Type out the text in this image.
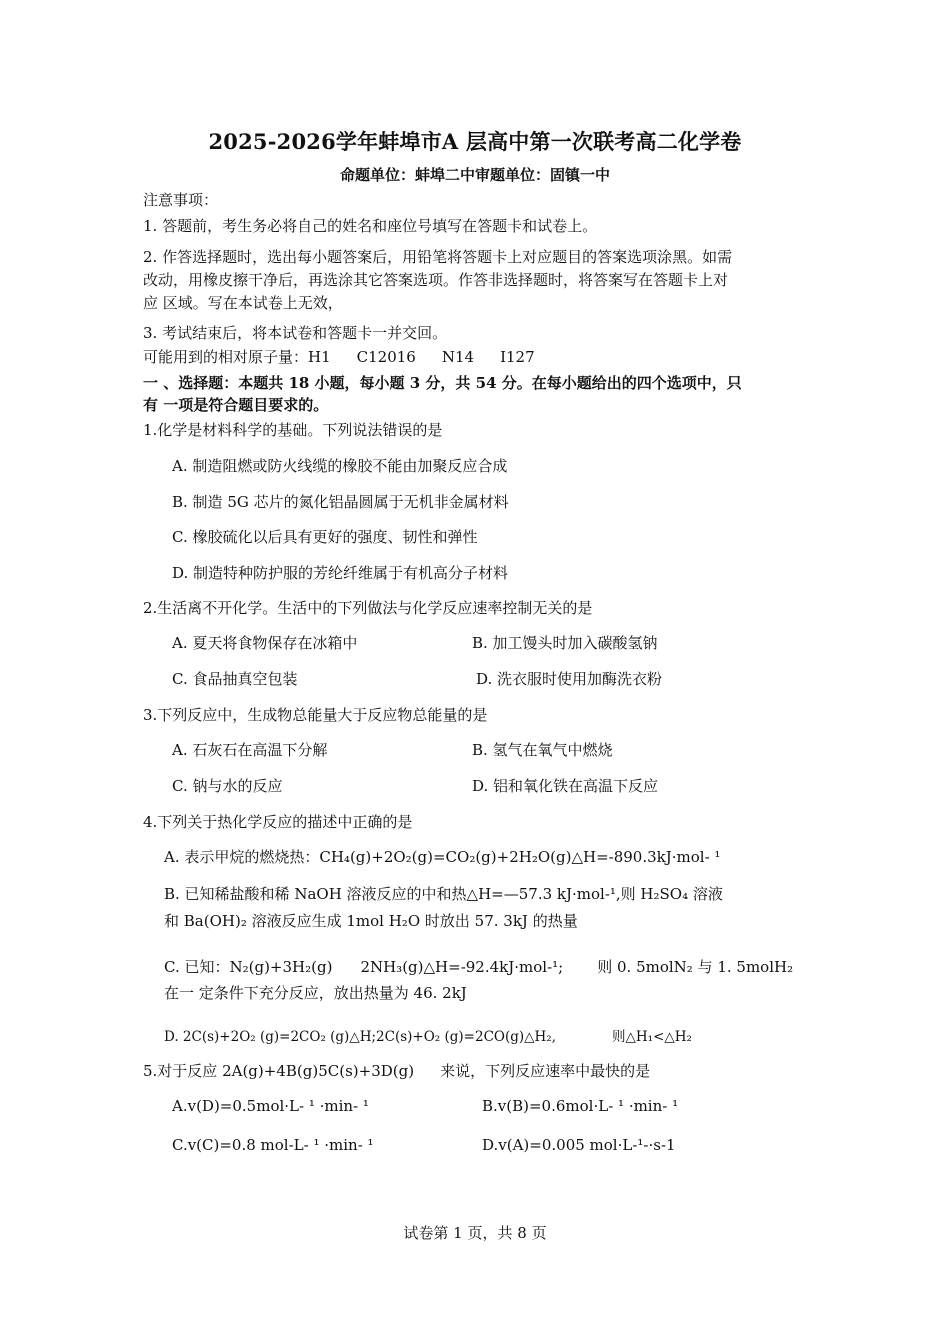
2025-2026学年蚌埠市A 层高中第一次联考高二化学卷
命题单位：蚌埠二中审题单位：固镇一中
注意事项：
1. 答题前，考生务必将自己的姓名和座位号填写在答题卡和试卷上。
2. 作答选择题时，选出每小题答案后，用铅笔将答题卡上对应题目的答案选项涂黑。如需
改动，用橡皮擦干净后，再选涂其它答案选项。作答非选择题时，将答案写在答题卡上对
应 区域。写在本试卷上无效，
3. 考试结束后，将本试卷和答题卡一并交回。
可能用到的相对原子量：H1 C12016 N14 I127
一 、选择题：本题共 18 小题，每小题 3 分，共 54 分。在每小题给出的四个选项中，只
有 一项是符合题目要求的。
1.化学是材料科学的基础。下列说法错误的是
A. 制造阻燃或防火线缆的橡胶不能由加聚反应合成
B. 制造 5G 芯片的氮化铝晶圆属于无机非金属材料
C. 橡胶硫化以后具有更好的强度、韧性和弹性
D. 制造特种防护服的芳纶纤维属于有机高分子材料
2.生活离不开化学。生活中的下列做法与化学反应速率控制无关的是
A. 夏天将食物保存在冰箱中	B. 加工馒头时加入碳酸氢钠
C. 食品抽真空包装	D. 洗衣服时使用加酶洗衣粉
3.下列反应中，生成物总能量大于反应物总能量的是
A. 石灰石在高温下分解	B. 氢气在氧气中燃烧
C. 钠与水的反应	D. 铝和氧化铁在高温下反应
4.下列关于热化学反应的描述中正确的是
A. 表示甲烷的燃烧热：CH₄(g)+2O₂(g)=CO₂(g)+2H₂O(g)△H=-890.3kJ·mol- ¹
B. 已知稀盐酸和稀 NaOH 溶液反应的中和热△H=—57.3 kJ·mol-¹,则 H₂SO₄ 溶液
和 Ba(OH)₂ 溶液反应生成 1mol H₂O 时放出 57. 3kJ 的热量
C. 已知：N₂(g)+3H₂(g) 2NH₃(g)△H=-92.4kJ·mol-¹; 则 0. 5molN₂ 与 1. 5molH₂
在一 定条件下充分反应，放出热量为 46. 2kJ
D. 2C(s)+2O₂ (g)=2CO₂ (g)△H;2C(s)+O₂ (g)=2CO(g)△H₂,	则△H₁<△H₂
5.对于反应 2A(g)+4B(g)5C(s)+3D(g) 来说，下列反应速率中最快的是
A.v(D)=0.5mol·L- ¹ ·min- ¹	B.v(B)=0.6mol·L- ¹ ·min- ¹
C.v(C)=0.8 mol-L- ¹ ·min- ¹	D.v(A)=0.005 mol·L-¹-·s-1
试卷第 1 页，共 8 页
